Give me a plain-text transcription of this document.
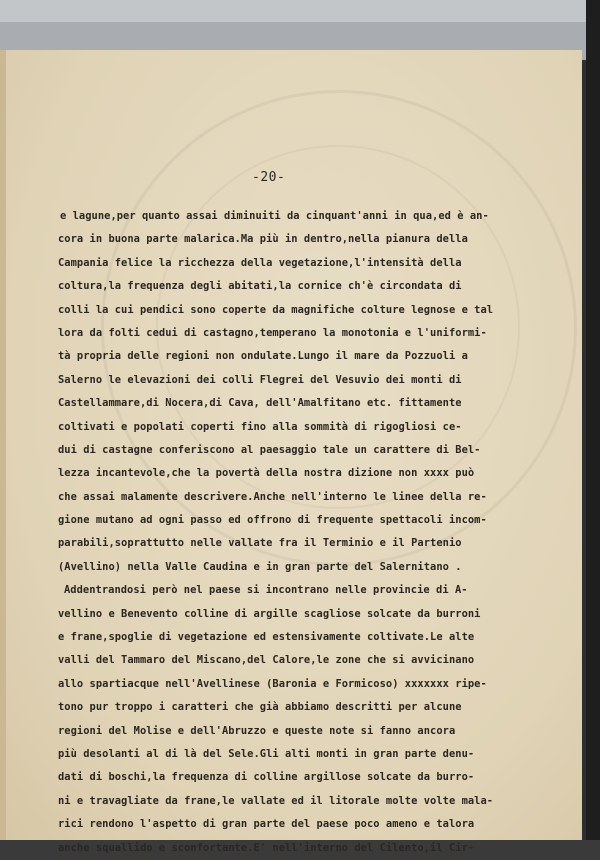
-20-
e lagune,per quanto assai diminuiti da cinquant'anni in qua,ed è an-
cora in buona parte malarica.Ma più in dentro,nella pianura della
Campania felice la ricchezza della vegetazione,l'intensità della
coltura,la frequenza degli abitati,la cornice ch'è circondata di
colli la cui pendici sono coperte da magnifiche colture legnose e tal
lora da folti cedui di castagno,temperano la monotonia e l'uniformi-
tà propria delle regioni non ondulate.Lungo il mare da Pozzuoli a
Salerno le elevazioni dei colli Flegrei del Vesuvio dei monti di
Castellammare,di Nocera,di Cava, dell'Amalfitano etc. fittamente
coltivati e popolati coperti fino alla sommità di rigogliosi ce-
dui di castagne conferiscono al paesaggio tale un carattere di Bel-
lezza incantevole,che la povertà della nostra dizione non xxxx può
che assai malamente descrivere.Anche nell'interno le linee della re-
gione mutano ad ogni passo ed offrono di frequente spettacoli incom-
parabili,soprattutto nelle vallate fra il Terminio e il Partenio
(Avellino) nella Valle Caudina e in gran parte del Salernitano .
Addentrandosi però nel paese si incontrano nelle provincie di A-
vellino e Benevento colline di argille scagliose solcate da burroni
e frane,spoglie di vegetazione ed estensivamente coltivate.Le alte
valli del Tammaro del Miscano,del Calore,le zone che si avvicinano
allo spartiacque nell'Avellinese (Baronia e Formicoso) xxxxxxx ripe-
tono pur troppo i caratteri che già abbiamo descritti per alcune
regioni del Molise e dell'Abruzzo e queste note si fanno ancora
più desolanti al di là del Sele.Gli alti monti in gran parte denu-
dati di boschi,la frequenza di colline argillose solcate da burro-
ni e travagliate da frane,le vallate ed il litorale molte volte mala-
rici rendono l'aspetto di gran parte del paese poco ameno e talora
anche squallido e sconfortante.E' nell'interno del Cilento,il Cir-
